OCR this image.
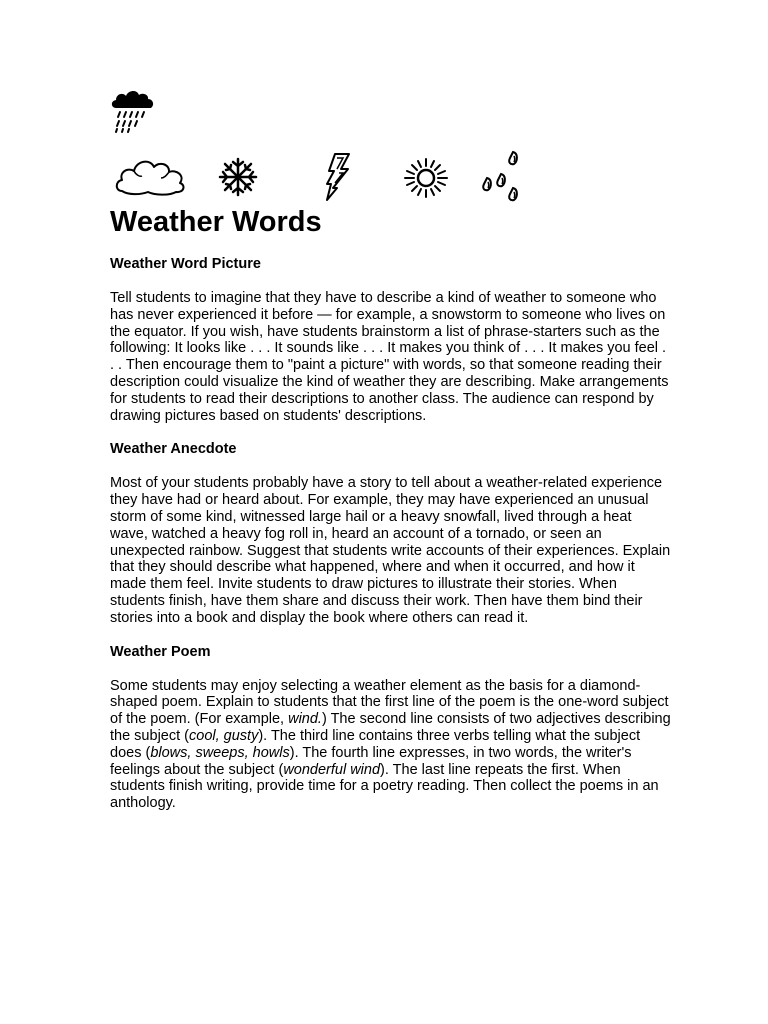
Weather Words
Weather Word Picture

Tell students to imagine that they have to describe a kind of weather to someone who has never experienced it before — for example, a snowstorm to someone who lives on the equator. If you wish, have students brainstorm a list of phrase-starters such as the following: It looks like . . . It sounds like . . . It makes you think of . . . It makes you feel . . . Then encourage them to "paint a picture" with words, so that someone reading their description could visualize the kind of weather they are describing. Make arrangements for students to read their descriptions to another class. The audience can respond by drawing pictures based on students' descriptions.

Weather Anecdote

Most of your students probably have a story to tell about a weather-related experience they have had or heard about. For example, they may have experienced an unusual storm of some kind, witnessed large hail or a heavy snowfall, lived through a heat wave, watched a heavy fog roll in, heard an account of a tornado, or seen an unexpected rainbow. Suggest that students write accounts of their experiences. Explain that they should describe what happened, where and when it occurred, and how it made them feel. Invite students to draw pictures to illustrate their stories. When students finish, have them share and discuss their work. Then have them bind their stories into a book and display the book where others can read it.

Weather Poem

Some students may enjoy selecting a weather element as the basis for a diamond-shaped poem. Explain to students that the first line of the poem is the one-word subject of the poem. (For example, wind.) The second line consists of two adjectives describing the subject (cool, gusty). The third line contains three verbs telling what the subject does (blows, sweeps, howls). The fourth line expresses, in two words, the writer's feelings about the subject (wonderful wind). The last line repeats the first. When students finish writing, provide time for a poetry reading. Then collect the poems in an anthology.
